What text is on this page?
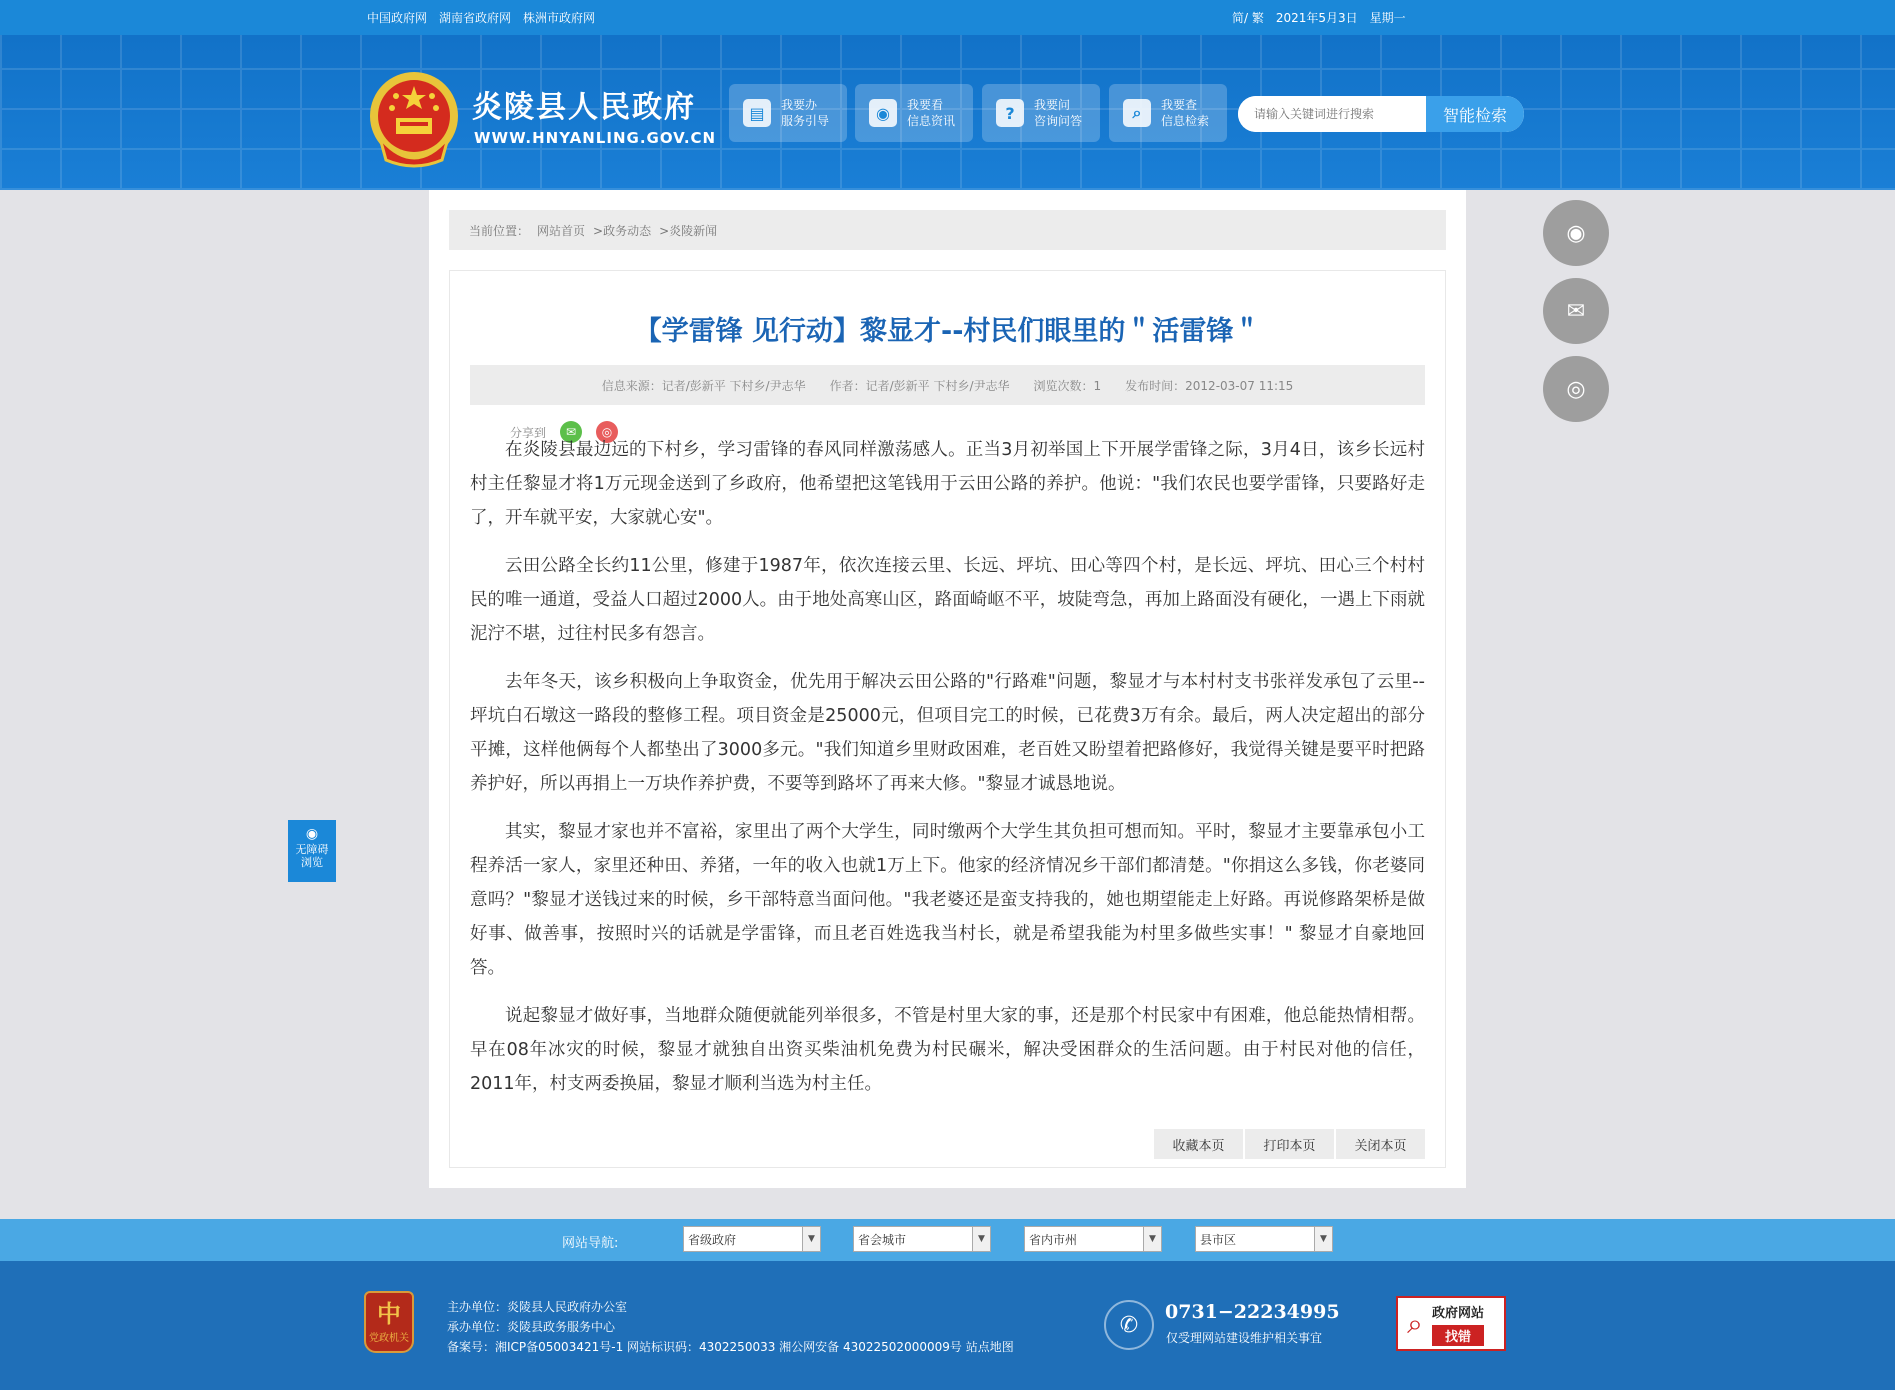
中国政府网 湖南省政府网 株洲市政府网	简/ 繁 2021年5月3日 星期一
炎陵县人民政府
WWW.HNYANLING.GOV.CN
▤	我要办
服务引导	◉	我要看
信息资讯	?	我要问
咨询问答	⌕	我要查
信息检索
请输入关键词进行搜索	智能检索
当前位置： 网站首页 >政务动态 >炎陵新闻
【学雷锋 见行动】黎显才--村民们眼里的＂活雷锋＂
信息来源：记者/彭新平 下村乡/尹志华 作者：记者/彭新平 下村乡/尹志华 浏览次数：1 发布时间：2012-03-07 11:15
分享到	✉	◎

在炎陵县最边远的下村乡，学习雷锋的春风同样激荡感人。正当3月初举国上下开展学雷锋之际，3月4日，该乡长远村村主任黎显才将1万元现金送到了乡政府，他希望把这笔钱用于云田公路的养护。他说："我们农民也要学雷锋，只要路好走了，开车就平安，大家就心安"。

云田公路全长约11公里，修建于1987年，依次连接云里、长远、坪坑、田心等四个村，是长远、坪坑、田心三个村村民的唯一通道，受益人口超过2000人。由于地处高寒山区，路面崎岖不平，坡陡弯急，再加上路面没有硬化，一遇上下雨就泥泞不堪，过往村民多有怨言。

去年冬天，该乡积极向上争取资金，优先用于解决云田公路的"行路难"问题，黎显才与本村村支书张祥发承包了云里--坪坑白石墩这一路段的整修工程。项目资金是25000元，但项目完工的时候，已花费3万有余。最后，两人决定超出的部分平摊，这样他俩每个人都垫出了3000多元。"我们知道乡里财政困难，老百姓又盼望着把路修好，我觉得关键是要平时把路养护好，所以再捐上一万块作养护费，不要等到路坏了再来大修。"黎显才诚恳地说。

其实，黎显才家也并不富裕，家里出了两个大学生，同时缴两个大学生其负担可想而知。平时，黎显才主要靠承包小工程养活一家人，家里还种田、养猪，一年的收入也就1万上下。他家的经济情况乡干部们都清楚。"你捐这么多钱，你老婆同意吗？"黎显才送钱过来的时候，乡干部特意当面问他。"我老婆还是蛮支持我的，她也期望能走上好路。再说修路架桥是做好事、做善事，按照时兴的话就是学雷锋，而且老百姓选我当村长，就是希望我能为村里多做些实事！" 黎显才自豪地回答。

说起黎显才做好事，当地群众随便就能列举很多，不管是村里大家的事，还是那个村民家中有困难，他总能热情相帮。早在08年冰灾的时候，黎显才就独自出资买柴油机免费为村民碾米，解决受困群众的生活问题。由于村民对他的信任，2011年，村支两委换届，黎显才顺利当选为村主任。

收藏本页	打印本页	关闭本页
◉
✉
◎
◉
无障碍
浏览
网站导航:	省级政府	▼	省会城市	▼	省内市州	▼	县市区	▼
中
党政机关
主办单位：炎陵县人民政府办公室
承办单位：炎陵县政务服务中心
备案号：湘ICP备05003421号-1 网站标识码：4302250033 湘公网安备 43022502000009号 站点地图
✆
0731−22234995
仅受理网站建设维护相关事宜	⌕ 政府网站
找错
